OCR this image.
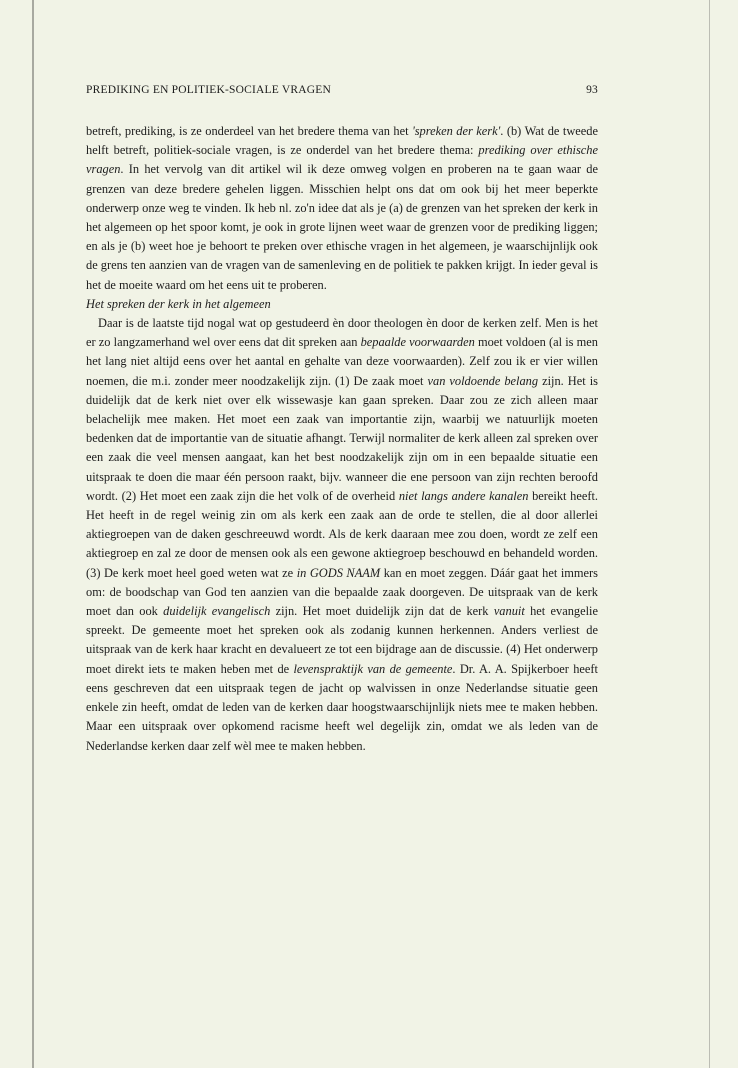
PREDIKING EN POLITIEK-SOCIALE VRAGEN	93

betreft, prediking, is ze onderdeel van het bredere thema van het 'spreken der kerk'. (b) Wat de tweede helft betreft, politiek-sociale vragen, is ze onderdel van het bredere thema: prediking over ethische vragen. In het vervolg van dit artikel wil ik deze omweg volgen en proberen na te gaan waar de grenzen van deze bredere gehelen liggen. Misschien helpt ons dat om ook bij het meer beperkte onderwerp onze weg te vinden. Ik heb nl. zo'n idee dat als je (a) de grenzen van het spreken der kerk in het algemeen op het spoor komt, je ook in grote lijnen weet waar de grenzen voor de prediking liggen; en als je (b) weet hoe je behoort te preken over ethische vragen in het algemeen, je waarschijnlijk ook de grens ten aanzien van de vragen van de samenleving en de politiek te pakken krijgt. In ieder geval is het de moeite waard om het eens uit te proberen.

Het spreken der kerk in het algemeen

Daar is de laatste tijd nogal wat op gestudeerd èn door theologen èn door de kerken zelf. Men is het er zo langzamerhand wel over eens dat dit spreken aan bepaalde voorwaarden moet voldoen (al is men het lang niet altijd eens over het aantal en gehalte van deze voorwaarden). Zelf zou ik er vier willen noemen, die m.i. zonder meer noodzakelijk zijn. (1) De zaak moet van voldoende belang zijn. Het is duidelijk dat de kerk niet over elk wissewasje kan gaan spreken. Daar zou ze zich alleen maar belachelijk mee maken. Het moet een zaak van importantie zijn, waarbij we natuurlijk moeten bedenken dat de importantie van de situatie afhangt. Terwijl normaliter de kerk alleen zal spreken over een zaak die veel mensen aangaat, kan het best noodzakelijk zijn om in een bepaalde situatie een uitspraak te doen die maar één persoon raakt, bijv. wanneer die ene persoon van zijn rechten beroofd wordt. (2) Het moet een zaak zijn die het volk of de overheid niet langs andere kanalen bereikt heeft. Het heeft in de regel weinig zin om als kerk een zaak aan de orde te stellen, die al door allerlei aktiegroepen van de daken geschreeuwd wordt. Als de kerk daaraan mee zou doen, wordt ze zelf een aktiegroep en zal ze door de mensen ook als een gewone aktiegroep beschouwd en behandeld worden. (3) De kerk moet heel goed weten wat ze in GODS NAAM kan en moet zeggen. Dáár gaat het immers om: de boodschap van God ten aanzien van die bepaalde zaak doorgeven. De uitspraak van de kerk moet dan ook duidelijk evangelisch zijn. Het moet duidelijk zijn dat de kerk vanuit het evangelie spreekt. De gemeente moet het spreken ook als zodanig kunnen herkennen. Anders verliest de uitspraak van de kerk haar kracht en devalueert ze tot een bijdrage aan de discussie. (4) Het onderwerp moet direkt iets te maken heben met de levenspraktijk van de gemeente. Dr. A. A. Spijkerboer heeft eens geschreven dat een uitspraak tegen de jacht op walvissen in onze Nederlandse situatie geen enkele zin heeft, omdat de leden van de kerken daar hoogstwaarschijnlijk niets mee te maken hebben. Maar een uitspraak over opkomend racisme heeft wel degelijk zin, omdat we als leden van de Nederlandse kerken daar zelf wèl mee te maken hebben.
